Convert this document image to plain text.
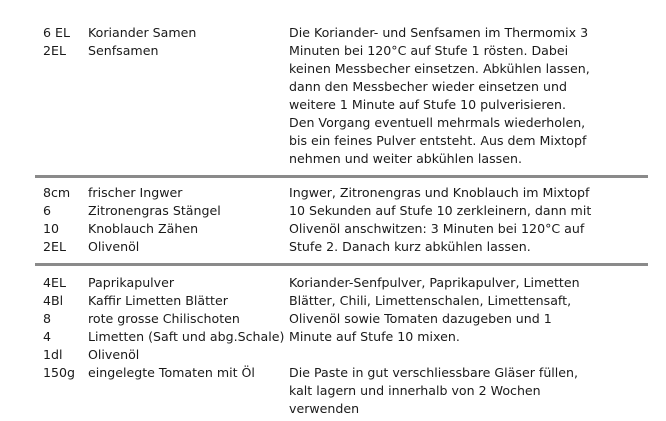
6 EL Koriander Samen
2EL Senfsamen

Die Koriander- und Senfsamen im Thermomix 3 Minuten bei 120°C auf Stufe 1 rösten. Dabei keinen Messbecher einsetzen. Abkühlen lassen, dann den Messbecher wieder einsetzen und weitere 1 Minute auf Stufe 10 pulverisieren. Den Vorgang eventuell mehrmals wiederholen, bis ein feines Pulver entsteht. Aus dem Mixtopf nehmen und weiter abkühlen lassen.

8cm frischer Ingwer
6	Zitronengras Stängel
10 Knoblauch Zähen
2EL Olivenöl

Ingwer, Zitronengras und Knoblauch im Mixtopf 10 Sekunden auf Stufe 10 zerkleinern, dann mit Olivenöl anschwitzen: 3 Minuten bei 120°C auf Stufe 2. Danach kurz abkühlen lassen.

4EL Paprikapulver
4Bl Kaffir Limetten Blätter
8	rote grosse Chilischoten
4	Limetten (Saft und abg.Schale)
1dl Olivenöl
150g eingelegte Tomaten mit Öl

Koriander-Senfpulver, Paprikapulver, Limetten Blätter, Chili, Limettenschalen, Limettensaft, Olivenöl sowie Tomaten dazugeben und 1 Minute auf Stufe 10 mixen.

Die Paste in gut verschliessbare Gläser füllen, kalt lagern und innerhalb von 2 Wochen verwenden
